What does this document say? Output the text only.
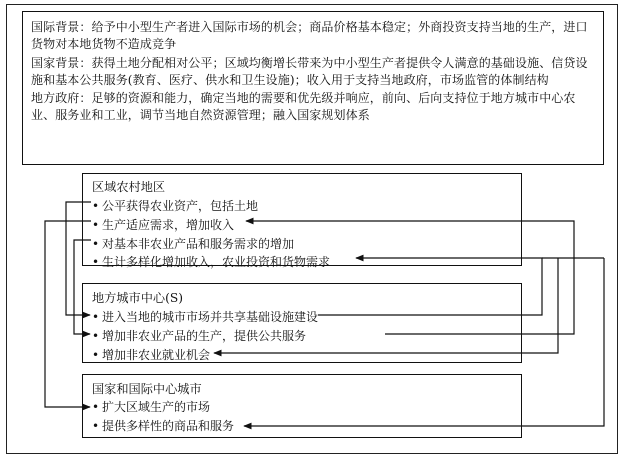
国际背景：给予中小型生产者进入国际市场的机会；商品价格基本稳定；外商投资支持当地的生产，进口货物对本地货物不造成竞争

国家背景：获得土地分配相对公平；区域均衡增长带来为中小型生产者提供令人满意的基础设施、信贷设施和基本公共服务(教育、医疗、供水和卫生设施)；收入用于支持当地政府，市场监管的体制结构

地方政府：足够的资源和能力，确定当地的需要和优先级并响应，前向、后向支持位于地方城市中心农业、服务业和工业，调节当地自然资源管理；融入国家规划体系

区域农村地区
• 公平获得农业资产，包括土地
• 生产适应需求，增加收入
• 对基本非农业产品和服务需求的增加
• 生计多样化增加收入，农业投资和货物需求
地方城市中心(S)
• 进入当地的城市市场并共享基础设施建设
• 增加非农业产品的生产，提供公共服务
• 增加非农业就业机会
国家和国际中心城市
• 扩大区域生产的市场
• 提供多样性的商品和服务
